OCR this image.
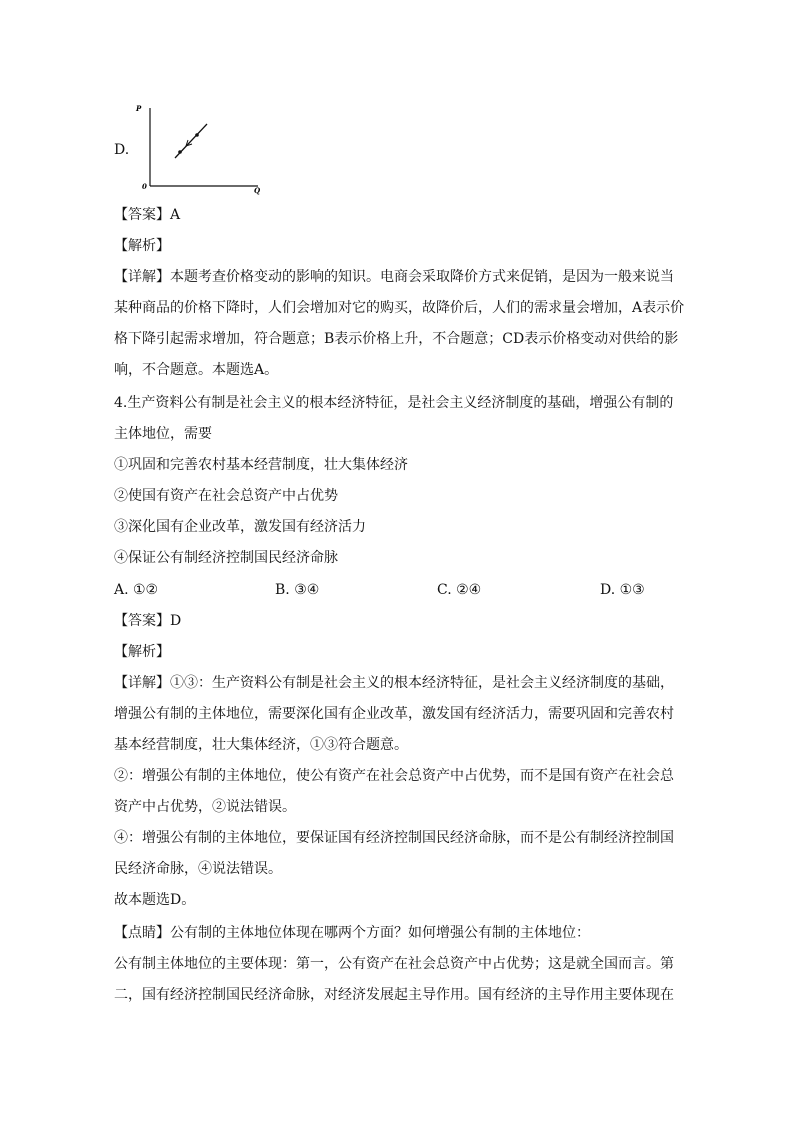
D.
P
Q
0
【答案】A
【解析】
【详解】本题考查价格变动的影响的知识。电商会采取降价方式来促销，是因为一般来说当
某种商品的价格下降时，人们会增加对它的购买，故降价后，人们的需求量会增加，A表示价
格下降引起需求增加，符合题意；B表示价格上升，不合题意；CD表示价格变动对供给的影
响，不合题意。本题选A。
4.生产资料公有制是社会主义的根本经济特征，是社会主义经济制度的基础，增强公有制的
主体地位，需要
①巩固和完善农村基本经营制度，壮大集体经济
②使国有资产在社会总资产中占优势
③深化国有企业改革，激发国有经济活力
④保证公有制经济控制国民经济命脉
A. ①②	B. ③④	C. ②④	D. ①③
【答案】D
【解析】
【详解】①③：生产资料公有制是社会主义的根本经济特征，是社会主义经济制度的基础，
增强公有制的主体地位，需要深化国有企业改革，激发国有经济活力，需要巩固和完善农村
基本经营制度，壮大集体经济，①③符合题意。
②：增强公有制的主体地位，使公有资产在社会总资产中占优势，而不是国有资产在社会总
资产中占优势，②说法错误。
④：增强公有制的主体地位，要保证国有经济控制国民经济命脉，而不是公有制经济控制国
民经济命脉，④说法错误。
故本题选D。
【点睛】公有制的主体地位体现在哪两个方面？如何增强公有制的主体地位：
公有制主体地位的主要体现：第一，公有资产在社会总资产中占优势；这是就全国而言。第
二，国有经济控制国民经济命脉，对经济发展起主导作用。国有经济的主导作用主要体现在
